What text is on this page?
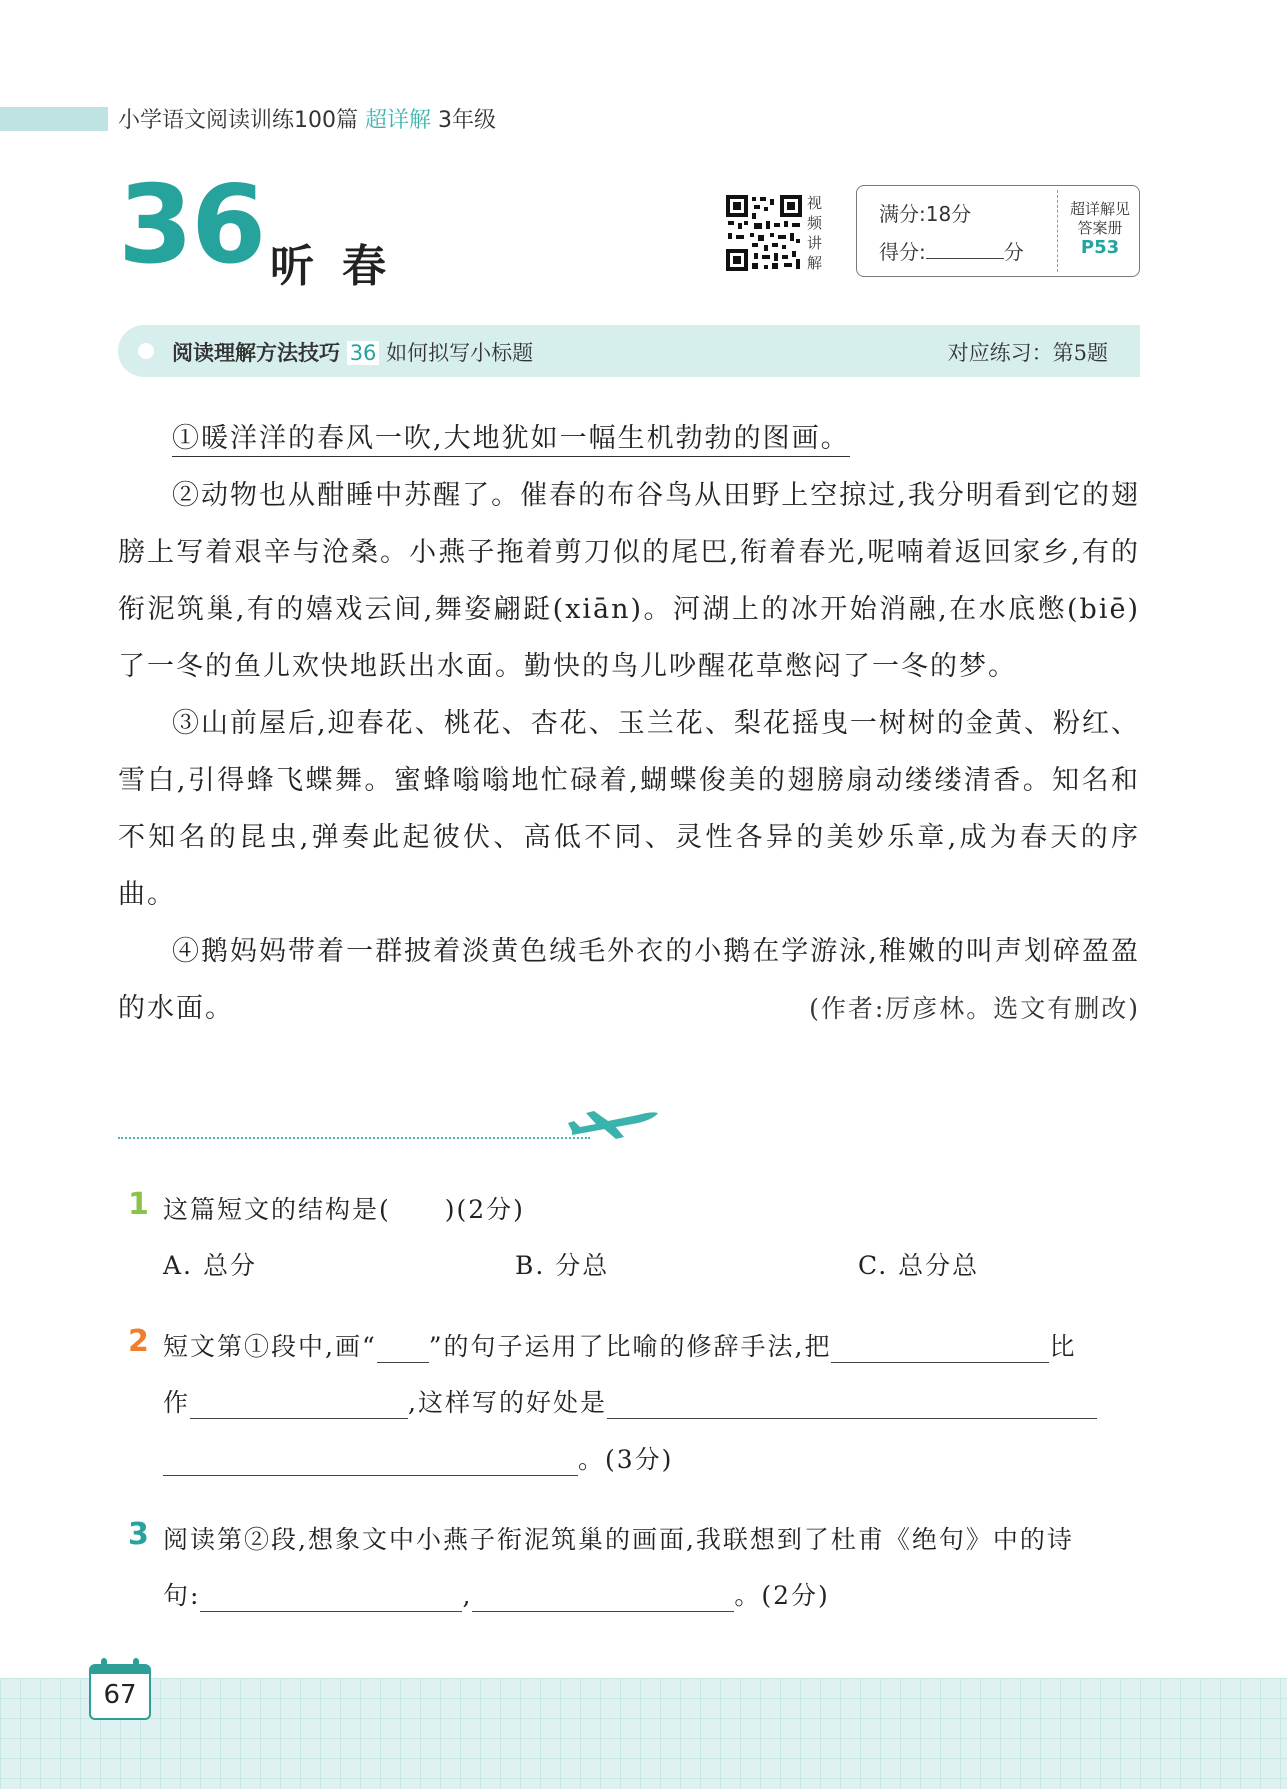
小学语文阅读训练100篇 超详解 3年级
36 听春
视
频
讲
解
满分:18分
得分:	分
超详解见
答案册
P53
阅读理解方法技巧 36 如何拟写小标题	对应练习：第5题

①暖洋洋的春风一吹,大地犹如一幅生机勃勃的图画。

②动物也从酣睡中苏醒了。催春的布谷鸟从田野上空掠过,我分明看到它的翅膀上写着艰辛与沧桑。小燕子拖着剪刀似的尾巴,衔着春光,呢喃着返回家乡,有的衔泥筑巢,有的嬉戏云间,舞姿翩跹(xiān)。河湖上的冰开始消融,在水底憋(biē)了一冬的鱼儿欢快地跃出水面。勤快的鸟儿吵醒花草憋闷了一冬的梦。

③山前屋后,迎春花、桃花、杏花、玉兰花、梨花摇曳一树树的金黄、粉红、雪白,引得蜂飞蝶舞。蜜蜂嗡嗡地忙碌着,蝴蝶俊美的翅膀扇动缕缕清香。知名和不知名的昆虫,弹奏此起彼伏、高低不同、灵性各异的美妙乐章,成为春天的序曲。

④鹅妈妈带着一群披着淡黄色绒毛外衣的小鹅在学游泳,稚嫩的叫声划碎盈盈的水面。	(作者:厉彦林。选文有删改)

1 这篇短文的结构是(　　)(2分)
A. 总分	B. 分总	C. 总分总
2 短文第①段中,画“ ”的句子运用了比喻的修辞手法,把	比
作	,这样写的好处是
。(3分)
3 阅读第②段,想象文中小燕子衔泥筑巢的画面,我联想到了杜甫《绝句》中的诗
句:	,	。(2分)
67
